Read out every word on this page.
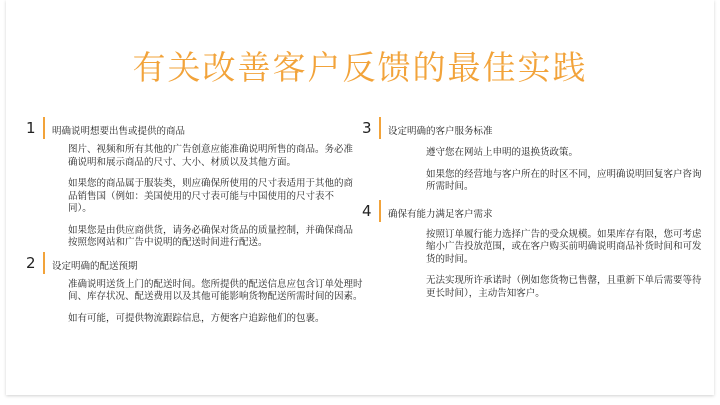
有关改善客户反馈的最佳实践
1 明确说明想要出售或提供的商品

图片、视频和所有其他的广告创意应能准确说明所售的商品。务必准确说明和展示商品的尺寸、大小、材质以及其他方面。

如果您的商品属于服装类，则应确保所使用的尺寸表适用于其他的商品销售国（例如：美国使用的尺寸表可能与中国使用的尺寸表不同）。

如果您是由供应商供货，请务必确保对货品的质量控制，并确保商品按照您网站和广告中说明的配送时间进行配送。

2 设定明确的配送预期

准确说明送货上门的配送时间。您所提供的配送信息应包含订单处理时间、库存状况、配送费用以及其他可能影响货物配送所需时间的因素。

如有可能，可提供物流跟踪信息，方便客户追踪他们的包裹。

3 设定明确的客户服务标准

遵守您在网站上申明的退换货政策。

如果您的经营地与客户所在的时区不同，应明确说明回复客户咨询所需时间。

4 确保有能力满足客户需求

按照订单履行能力选择广告的受众规模。如果库存有限，您可考虑缩小广告投放范围，或在客户购买前明确说明商品补货时间和可发货的时间。

无法实现所许承诺时（例如您货物已售罄，且重新下单后需要等待更长时间），主动告知客户。
